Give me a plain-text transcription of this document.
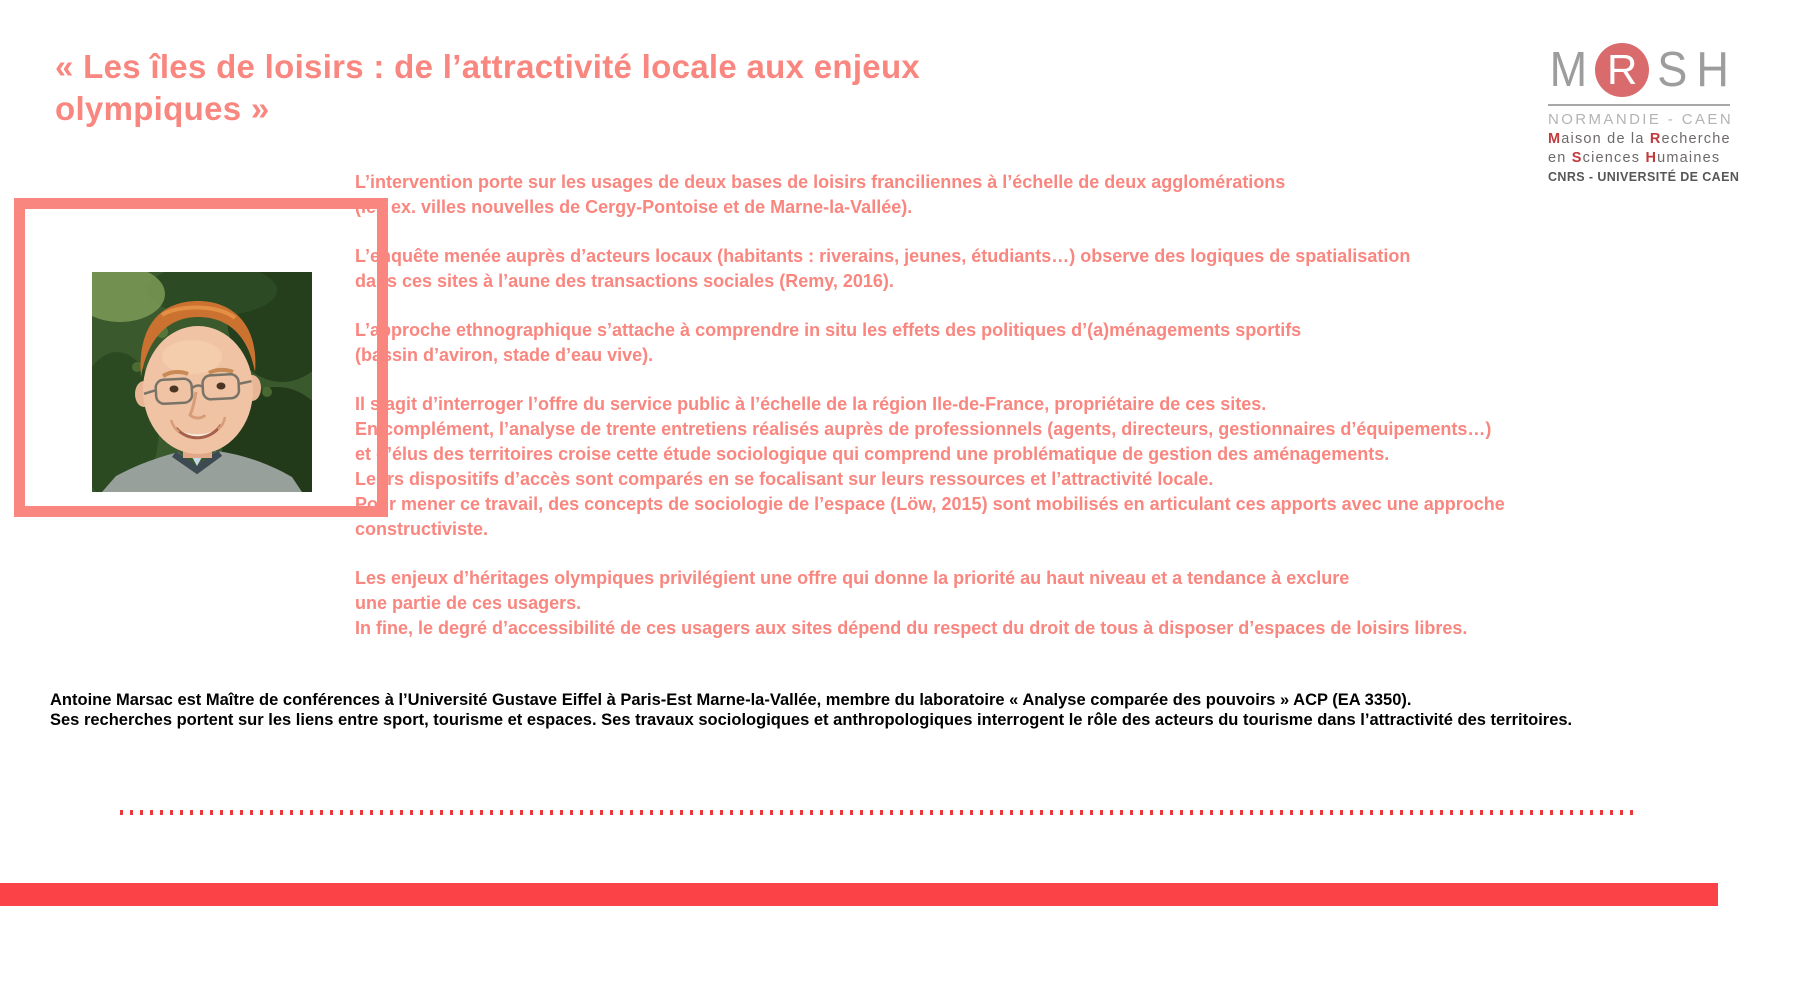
« Les îles de loisirs : de l’attractivité locale aux enjeux
olympiques »
M R S H
NORMANDIE - CAEN
Maison de la Recherche
en Sciences Humaines
CNRS - UNIVERSITÉ DE CAEN
L’intervention porte sur les usages de deux bases de loisirs franciliennes à l’échelle de deux agglomérations
(les ex. villes nouvelles de Cergy-Pontoise et de Marne-la-Vallée).
L’enquête menée auprès d’acteurs locaux (habitants : riverains, jeunes, étudiants…) observe des logiques de spatialisation
dans ces sites à l’aune des transactions sociales (Remy, 2016).
L’approche ethnographique s’attache à comprendre in situ les effets des politiques d’(a)ménagements sportifs
(bassin d’aviron, stade d’eau vive).
Il s’agit d’interroger l’offre du service public à l’échelle de la région Ile-de-France, propriétaire de ces sites.
En complément, l’analyse de trente entretiens réalisés auprès de professionnels (agents, directeurs, gestionnaires d’équipements…)
et d’élus des territoires croise cette étude sociologique qui comprend une problématique de gestion des aménagements.
Leurs dispositifs d’accès sont comparés en se focalisant sur leurs ressources et l’attractivité locale.
Pour mener ce travail, des concepts de sociologie de l’espace (Löw, 2015) sont mobilisés en articulant ces apports avec une approche
constructiviste.
Les enjeux d’héritages olympiques privilégient une offre qui donne la priorité au haut niveau et a tendance à exclure
une partie de ces usagers.
In fine, le degré d’accessibilité de ces usagers aux sites dépend du respect du droit de tous à disposer d’espaces de loisirs libres.
Antoine Marsac est Maître de conférences à l’Université Gustave Eiffel à Paris-Est Marne-la-Vallée, membre du laboratoire « Analyse comparée des pouvoirs » ACP (EA 3350).
Ses recherches portent sur les liens entre sport, tourisme et espaces. Ses travaux sociologiques et anthropologiques interrogent le rôle des acteurs du tourisme dans l’attractivité des territoires.
